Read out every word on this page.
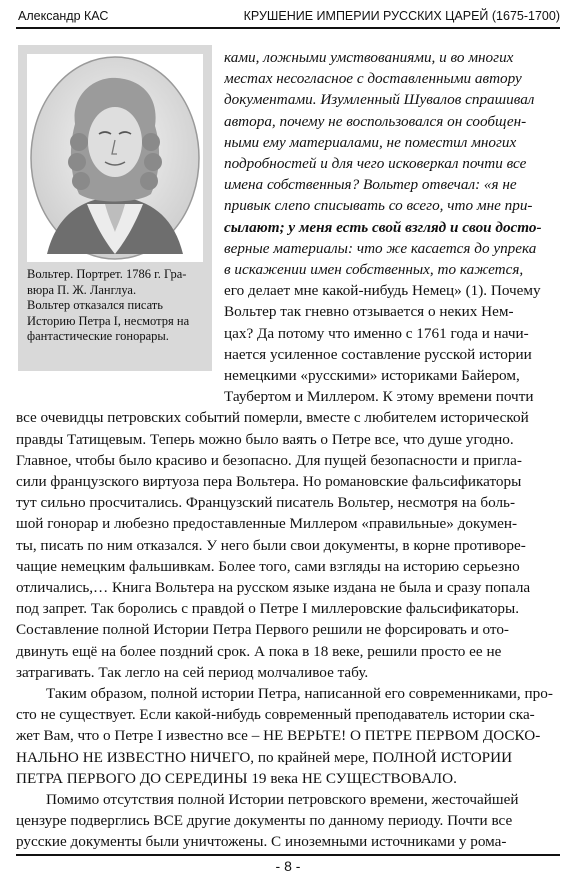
Александр КАС	КРУШЕНИЕ ИМПЕРИИ РУССКИХ ЦАРЕЙ (1675-1700)
Вольтер. Портрет. 1786 г. Гра-
вюра П. Ж. Ланглуа.
Вольтер отказался писать
Историю Петра I, несмотря на
фантастические гонорары.
ками, ложными умствованиями, и во многих
местах несогласное с доставленными автору
документами. Изумленный Шувалов спрашивал
автора, почему не воспользовался он сообщен-
ными ему материалами, не поместил многих
подробностей и для чего исковеркал почти все
имена собственныя? Вольтер отвечал: «я не
привык слепо списывать со всего, что мне при-
сылают; у меня есть свой взгляд и свои досто-
верные материалы: что же касается до упрека
в искажении имен собственных, то кажется,
его делает мне какой-нибудь Немец» (1). Почему
Вольтер так гневно отзывается о неких Нем-
цах? Да потому что именно с 1761 года и начи-
нается усиленное составление русской истории
немецкими «русскими» историками Байером,
Таубертом и Миллером. К этому времени почти
все очевидцы петровских событий померли, вместе с любителем исторической
правды Татищевым. Теперь можно было ваять о Петре все, что душе угодно.
Главное, чтобы было красиво и безопасно. Для пущей безопасности и пригла-
сили французского виртуоза пера Вольтера. Но романовские фальсификаторы
тут сильно просчитались. Французский писатель Вольтер, несмотря на боль-
шой гонорар и любезно предоставленные Миллером «правильные» докумен-
ты, писать по ним отказался. У него были свои документы, в корне противоре-
чащие немецким фальшивкам. Более того, сами взгляды на историю серьезно
отличались,… Книга Вольтера на русском языке издана не была и сразу попала
под запрет. Так боролись с правдой о Петре I миллеровские фальсификаторы.
Составление полной Истории Петра Первого решили не форсировать и ото-
двинуть ещё на более поздний срок. А пока в 18 веке, решили просто ее не
затрагивать. Так легло на сей период молчаливое табу.
Таким образом, полной истории Петра, написанной его современниками, про-
сто не существует. Если какой-нибудь современный преподаватель истории ска-
жет Вам, что о Петре I известно все – НЕ ВЕРЬТЕ! О ПЕТРЕ ПЕРВОМ ДОСКО-
НАЛЬНО НЕ ИЗВЕСТНО НИЧЕГО, по крайней мере, ПОЛНОЙ ИСТОРИИ
ПЕТРА ПЕРВОГО ДО СЕРЕДИНЫ 19 века НЕ СУЩЕСТВОВАЛО.
Помимо отсутствия полной Истории петровского времени, жесточайшей
цензуре подверглись ВСЕ другие документы по данному периоду. Почти все
русские документы были уничтожены. С иноземными источниками у рома-
- 8 -
